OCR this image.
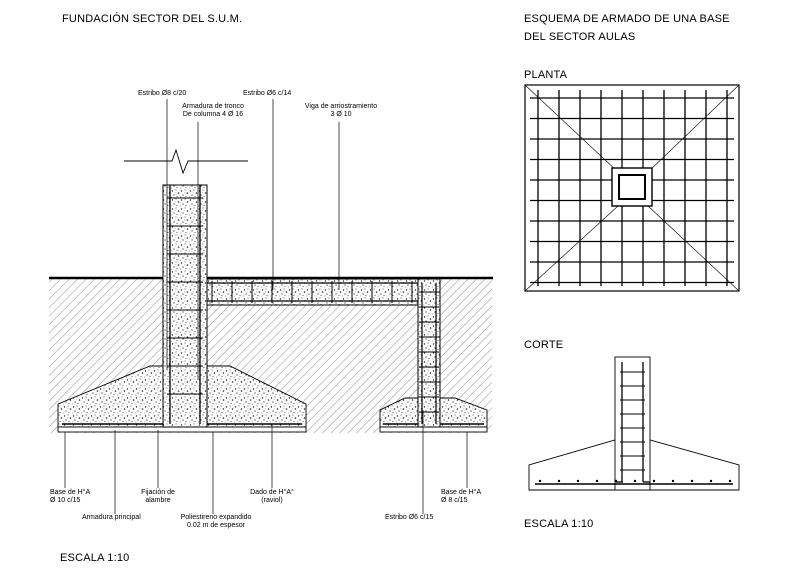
FUNDACIÓN SECTOR DEL S.U.M.	ESQUEMA DE ARMADO DE UNA BASE
DEL SECTOR AULAS
PLANTA
CORTE
ESCALA 1:10
ESCALA 1:10
Estribo Ø8 c/20
Armadura de tronco
De columna 4 Ø 16
Estribo Ø6 c/14
Viga de arriostramiento
3 Ø 10
Base de H°A
Ø 10 c/15
Armadura principal
Fijación de
alambre
Poliestireno expandido
0.02 m de espesor
Dado de H°A°
(raviol)
Estribo Ø6 c/15
Base de H°A
Ø 8 c/15
